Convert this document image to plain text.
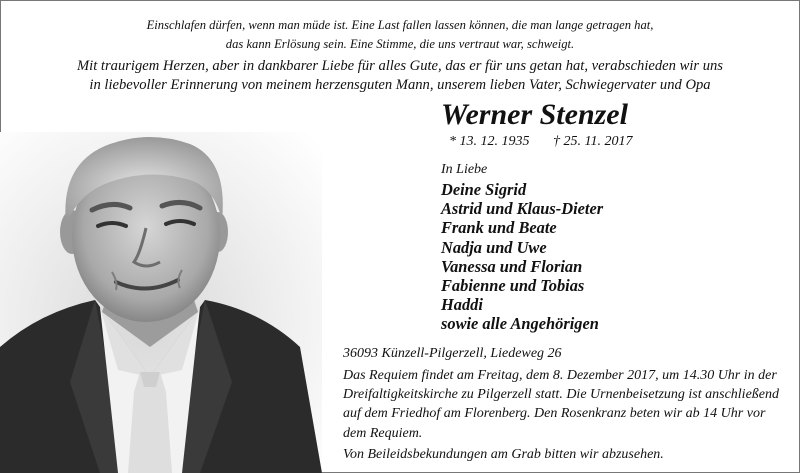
Einschlafen dürfen, wenn man müde ist. Eine Last fallen lassen können, die man lange getragen hat,
das kann Erlösung sein. Eine Stimme, die uns vertraut war, schweigt.
Mit traurigem Herzen, aber in dankbarer Liebe für alles Gute, das er für uns getan hat, verabschieden wir uns
in liebevoller Erinnerung von meinem herzensguten Mann, unserem lieben Vater, Schwiegervater und Opa
Werner Stenzel
* 13. 12. 1935 † 25. 11. 2017
In Liebe
Deine Sigrid
Astrid und Klaus-Dieter
Frank und Beate
Nadja und Uwe
Vanessa und Florian
Fabienne und Tobias
Haddi
sowie alle Angehörigen
36093 Künzell-Pilgerzell, Liedeweg 26

Das Requiem findet am Freitag, dem 8. Dezember 2017, um 14.30 Uhr in der Dreifaltigkeitskirche zu Pilgerzell statt. Die Urnenbeisetzung ist anschließend auf dem Friedhof am Florenberg. Den Rosenkranz beten wir ab 14 Uhr vor dem Requiem.

Von Beileidsbekundungen am Grab bitten wir abzusehen.
